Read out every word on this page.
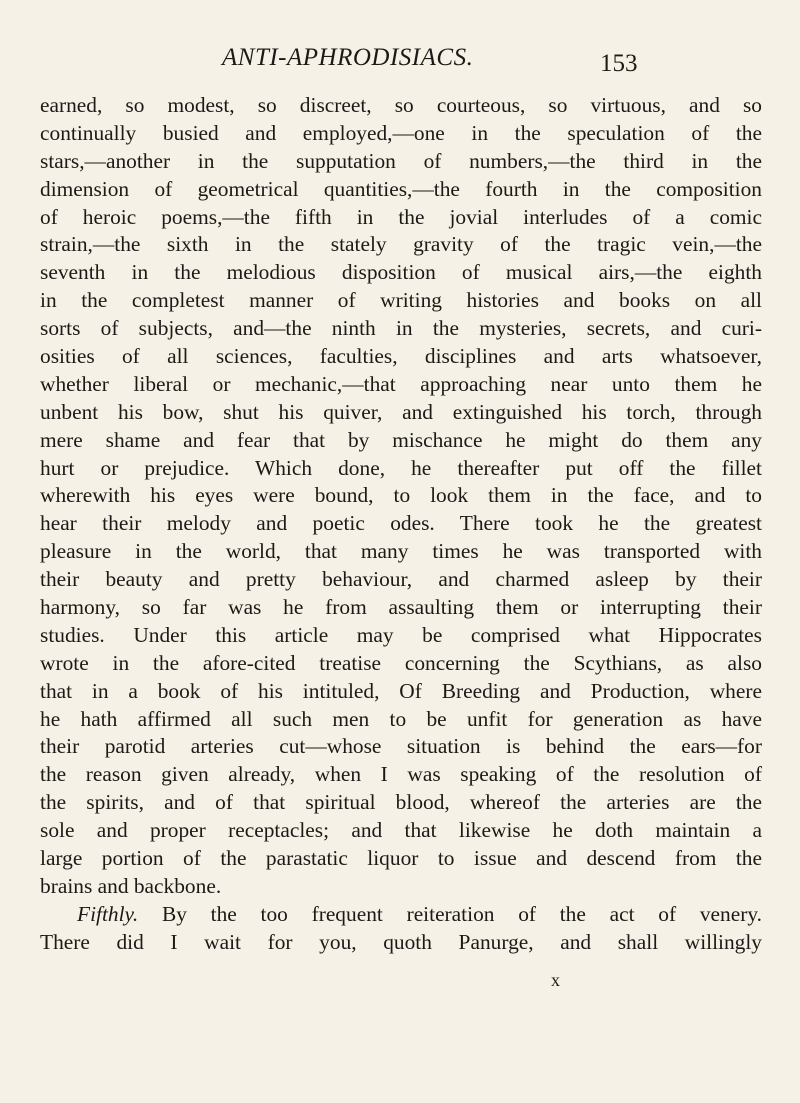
ANTI-APHRODISIACS.	153
earned, so modest, so discreet, so courteous, so virtuous, and so
continually busied and employed,—one in the speculation of the
stars,—another in the supputation of numbers,—the third in the
dimension of geometrical quantities,—the fourth in the composition
of heroic poems,—the fifth in the jovial interludes of a comic
strain,—the sixth in the stately gravity of the tragic vein,—the
seventh in the melodious disposition of musical airs,—the eighth
in the completest manner of writing histories and books on all
sorts of subjects, and—the ninth in the mysteries, secrets, and curi-
osities of all sciences, faculties, disciplines and arts whatsoever,
whether liberal or mechanic,—that approaching near unto them he
unbent his bow, shut his quiver, and extinguished his torch, through
mere shame and fear that by mischance he might do them any
hurt or prejudice. Which done, he thereafter put off the fillet
wherewith his eyes were bound, to look them in the face, and to
hear their melody and poetic odes. There took he the greatest
pleasure in the world, that many times he was transported with
their beauty and pretty behaviour, and charmed asleep by their
harmony, so far was he from assaulting them or interrupting their
studies. Under this article may be comprised what Hippocrates
wrote in the afore-cited treatise concerning the Scythians, as also
that in a book of his intituled, Of Breeding and Production, where
he hath affirmed all such men to be unfit for generation as have
their parotid arteries cut—whose situation is behind the ears—for
the reason given already, when I was speaking of the resolution of
the spirits, and of that spiritual blood, whereof the arteries are the
sole and proper receptacles; and that likewise he doth maintain a
large portion of the parastatic liquor to issue and descend from the
brains and backbone.
Fifthly. By the too frequent reiteration of the act of venery.
There did I wait for you, quoth Panurge, and shall willingly
x
